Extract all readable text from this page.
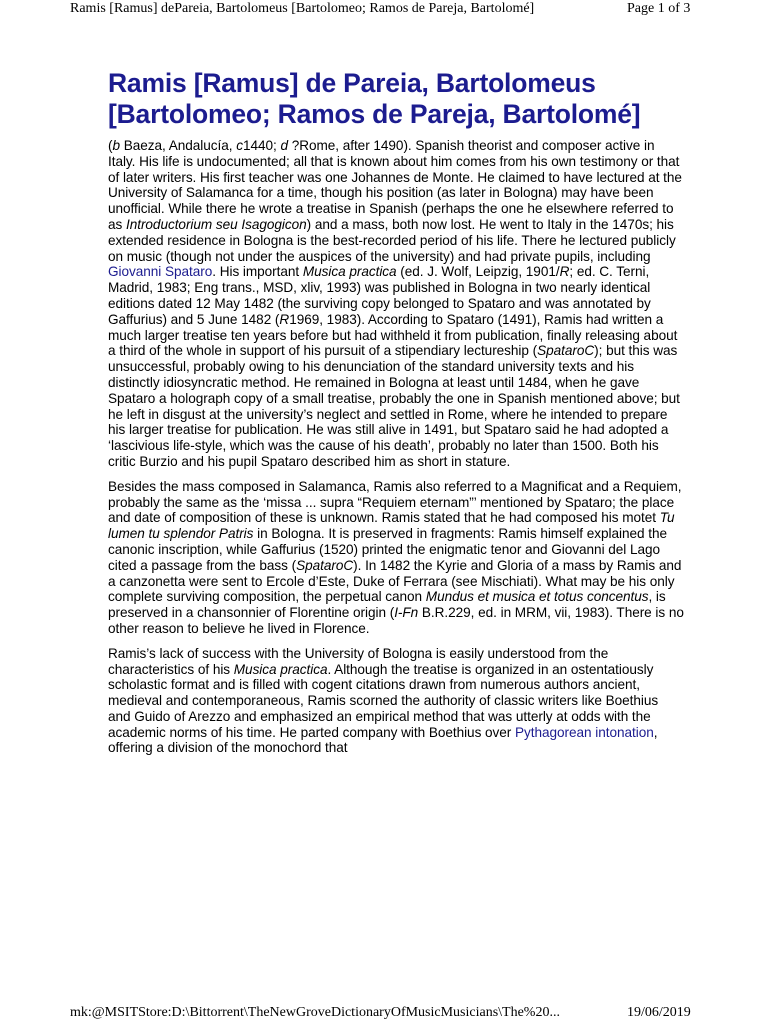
Ramis [Ramus] dePareia, Bartolomeus [Bartolomeo; Ramos de Pareja, Bartolomé]	Page 1 of 3
Ramis [Ramus] de Pareia, Bartolomeus [Bartolomeo; Ramos de Pareja, Bartolomé]

(b Baeza, Andalucía, c1440; d ?Rome, after 1490). Spanish theorist and composer active in Italy. His life is undocumented; all that is known about him comes from his own testimony or that of later writers. His first teacher was one Johannes de Monte. He claimed to have lectured at the University of Salamanca for a time, though his position (as later in Bologna) may have been unofficial. While there he wrote a treatise in Spanish (perhaps the one he elsewhere referred to as Introductorium seu Isagogicon) and a mass, both now lost. He went to Italy in the 1470s; his extended residence in Bologna is the best-recorded period of his life. There he lectured publicly on music (though not under the auspices of the university) and had private pupils, including Giovanni Spataro. His important Musica practica (ed. J. Wolf, Leipzig, 1901/R; ed. C. Terni, Madrid, 1983; Eng trans., MSD, xliv, 1993) was published in Bologna in two nearly identical editions dated 12 May 1482 (the surviving copy belonged to Spataro and was annotated by Gaffurius) and 5 June 1482 (R1969, 1983). According to Spataro (1491), Ramis had written a much larger treatise ten years before but had withheld it from publication, finally releasing about a third of the whole in support of his pursuit of a stipendiary lectureship (SpataroC); but this was unsuccessful, probably owing to his denunciation of the standard university texts and his distinctly idiosyncratic method. He remained in Bologna at least until 1484, when he gave Spataro a holograph copy of a small treatise, probably the one in Spanish mentioned above; but he left in disgust at the university’s neglect and settled in Rome, where he intended to prepare his larger treatise for publication. He was still alive in 1491, but Spataro said he had adopted a ‘lascivious life-style, which was the cause of his death’, probably no later than 1500. Both his critic Burzio and his pupil Spataro described him as short in stature.

Besides the mass composed in Salamanca, Ramis also referred to a Magnificat and a Requiem, probably the same as the ‘missa ... supra “Requiem eternam”’ mentioned by Spataro; the place and date of composition of these is unknown. Ramis stated that he had composed his motet Tu lumen tu splendor Patris in Bologna. It is preserved in fragments: Ramis himself explained the canonic inscription, while Gaffurius (1520) printed the enigmatic tenor and Giovanni del Lago cited a passage from the bass (SpataroC). In 1482 the Kyrie and Gloria of a mass by Ramis and a canzonetta were sent to Ercole d’Este, Duke of Ferrara (see Mischiati). What may be his only complete surviving composition, the perpetual canon Mundus et musica et totus concentus, is preserved in a chansonnier of Florentine origin (I-Fn B.R.229, ed. in MRM, vii, 1983). There is no other reason to believe he lived in Florence.

Ramis’s lack of success with the University of Bologna is easily understood from the characteristics of his Musica practica. Although the treatise is organized in an ostentatiously scholastic format and is filled with cogent citations drawn from numerous authors ancient, medieval and contemporaneous, Ramis scorned the authority of classic writers like Boethius and Guido of Arezzo and emphasized an empirical method that was utterly at odds with the academic norms of his time. He parted company with Boethius over Pythagorean intonation, offering a division of the monochord that

mk:@MSITStore:D:\Bittorrent\TheNewGroveDictionaryOfMusicMusicians\The%20...	19/06/2019
